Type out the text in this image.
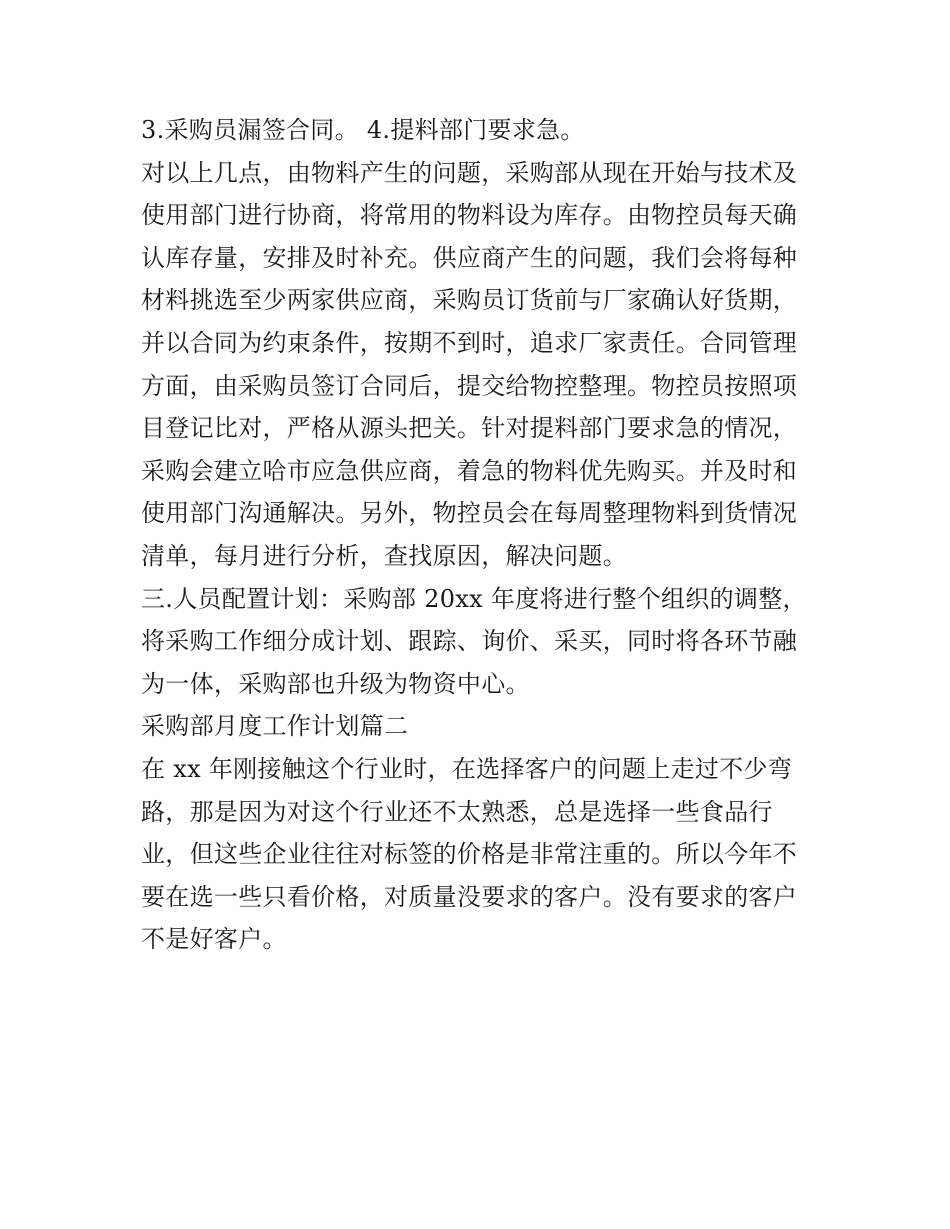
3.采购员漏签合同。 4.提料部门要求急。
对以上几点，由物料产生的问题，采购部从现在开始与技术及
使用部门进行协商，将常用的物料设为库存。由物控员每天确
认库存量，安排及时补充。供应商产生的问题，我们会将每种
材料挑选至少两家供应商，采购员订货前与厂家确认好货期，
并以合同为约束条件，按期不到时，追求厂家责任。合同管理
方面，由采购员签订合同后，提交给物控整理。物控员按照项
目登记比对，严格从源头把关。针对提料部门要求急的情况，
采购会建立哈市应急供应商，着急的物料优先购买。并及时和
使用部门沟通解决。另外，物控员会在每周整理物料到货情况
清单，每月进行分析，查找原因，解决问题。
三.人员配置计划：采购部 20xx 年度将进行整个组织的调整，
将采购工作细分成计划、跟踪、询价、采买，同时将各环节融
为一体，采购部也升级为物资中心。
采购部月度工作计划篇二
在 xx 年刚接触这个行业时，在选择客户的问题上走过不少弯
路，那是因为对这个行业还不太熟悉，总是选择一些食品行
业，但这些企业往往对标签的价格是非常注重的。所以今年不
要在选一些只看价格，对质量没要求的客户。没有要求的客户
不是好客户。
